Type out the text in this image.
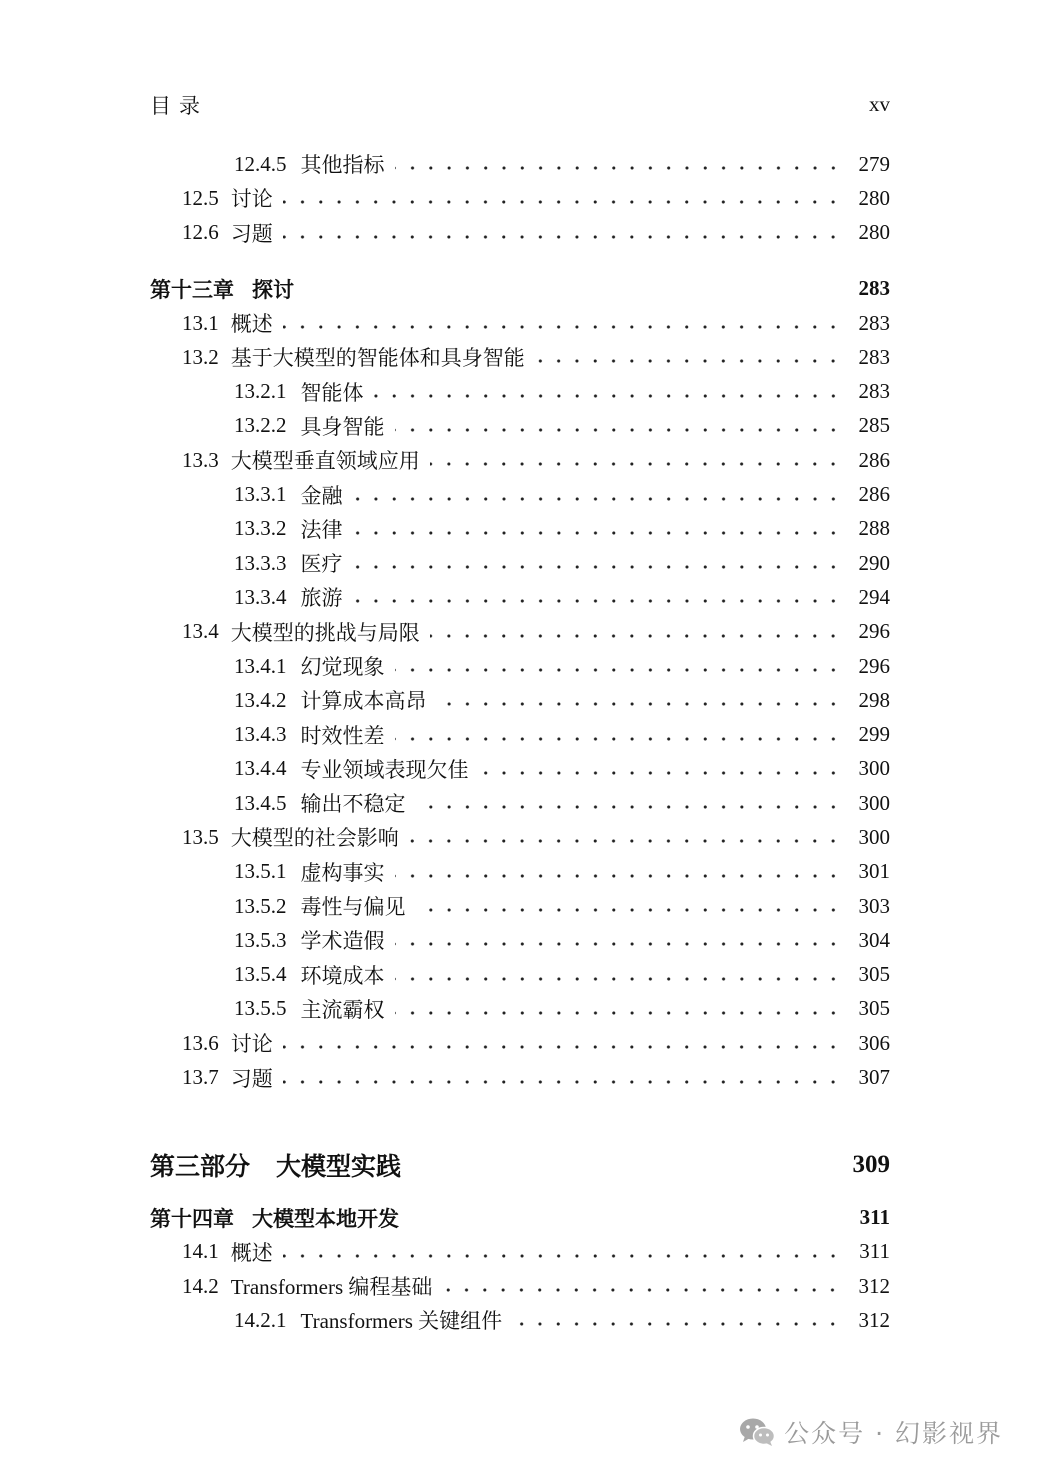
目录	xv
12.4.5 其他指标	279
12.5 讨论	280
12.6 习题	280
第十三章 探讨	283
13.1 概述	283
13.2 基于大模型的智能体和具身智能	283
13.2.1 智能体	283
13.2.2 具身智能	285
13.3 大模型垂直领域应用	286
13.3.1 金融	286
13.3.2 法律	288
13.3.3 医疗	290
13.3.4 旅游	294
13.4 大模型的挑战与局限	296
13.4.1 幻觉现象	296
13.4.2 计算成本高昂	298
13.4.3 时效性差	299
13.4.4 专业领域表现欠佳	300
13.4.5 输出不稳定	300
13.5 大模型的社会影响	300
13.5.1 虚构事实	301
13.5.2 毒性与偏见	303
13.5.3 学术造假	304
13.5.4 环境成本	305
13.5.5 主流霸权	305
13.6 讨论	306
13.7 习题	307
第三部分 大模型实践	309
第十四章 大模型本地开发	311
14.1 概述	311
14.2 Transformers 编程基础	312
14.2.1 Transformers 关键组件	312
公众号 · 幻影视界
